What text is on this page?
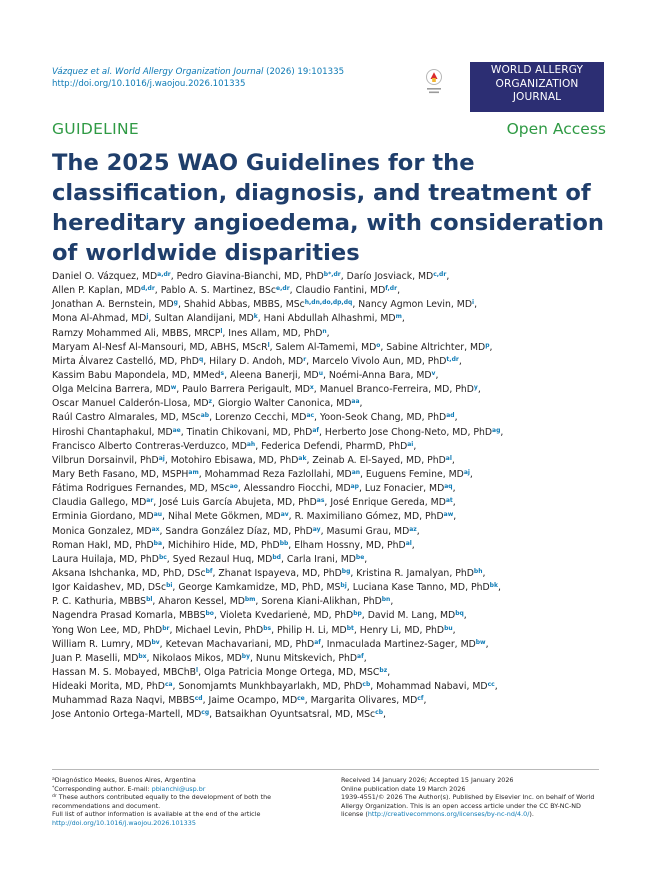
Vázquez et al. World Allergy Organization Journal (2026) 19:101335
http://doi.org/10.1016/j.waojou.2026.101335
WORLD ALLERGY
ORGANIZATION
JOURNAL
GUIDELINE	Open Access
The 2025 WAO Guidelines for the classification, diagnosis, and treatment of hereditary angioedema, with consideration of worldwide disparities
Daniel O. Vázquez, $MD^{a,dr}$, Pedro Giavina-Bianchi, MD, PhD$^{b*,dr}$, Darío Josviack, $MD^{c,dr}$,
Allen P. Kaplan, $MD^{d,dr}$, Pablo A. S. Martinez, BSc$^{e,dr}$, Claudio Fantini, $MD^{f,dr}$,
Jonathan A. Bernstein, $MD^g$, Shahid Abbas, MBBS, MSc$^{h,dn,do,dp,dq}$, Nancy Agmon Levin, $MD^i$,
Mona Al-Ahmad, $MD^j$, Sultan Alandijani, $MD^k$, Hani Abdullah Alhashmi, $MD^m$,
Ramzy Mohammed Ali, MBBS, MRCP$^l$, Ines Allam, MD, PhD$^n$,
Maryam Al-Nesf Al-Mansouri, MD, ABHS, MScR$^l$, Salem Al-Tamemi, $MD^o$, Sabine Altrichter, $MD^p$,
Mirta Álvarez Castelló, MD, PhD$^q$, Hilary D. Andoh, $MD^r$, Marcelo Vivolo Aun, MD, PhD$^{t,dr}$,
Kassim Babu Mapondela, MD, MMed$^s$, Aleena Banerji, $MD^u$, Noémi-Anna Bara, $MD^v$,
Olga Melcina Barrera, $MD^w$, Paulo Barrera Perigault, $MD^x$, Manuel Branco-Ferreira, MD, PhD$^y$,
Oscar Manuel Calderón-Llosa, $MD^z$, Giorgio Walter Canonica, $MD^{aa}$,
Raúl Castro Almarales, MD, MSc$^{ab}$, Lorenzo Cecchi, $MD^{ac}$, Yoon-Seok Chang, MD, PhD$^{ad}$,
Hiroshi Chantaphakul, $MD^{ae}$, Tinatin Chikovani, MD, PhD$^{af}$, Herberto Jose Chong-Neto, MD, PhD$^{ag}$,
Francisco Alberto Contreras-Verduzco, $MD^{ah}$, Federica Defendi, PharmD, PhD$^{ai}$,
Vilbrun Dorsainvil, PhD$^{aj}$, Motohiro Ebisawa, MD, PhD$^{ak}$, Zeinab A. El-Sayed, MD, PhD$^{al}$,
Mary Beth Fasano, MD, $MSPH^{am}$, Mohammad Reza Fazlollahi, $MD^{an}$, Euguens Femine, $MD^{aj}$,
Fátima Rodrigues Fernandes, MD, MSc$^{ao}$, Alessandro Fiocchi, $MD^{ap}$, Luz Fonacier, $MD^{aq}$,
Claudia Gallego, $MD^{ar}$, José Luis García Abujeta, MD, PhD$^{as}$, José Enrique Gereda, $MD^{at}$,
Erminia Giordano, $MD^{au}$, Nihal Mete Gökmen, $MD^{av}$, R. Maximiliano Gómez, MD, PhD$^{aw}$,
Monica Gonzalez, $MD^{ax}$, Sandra González Díaz, MD, PhD$^{ay}$, Masumi Grau, $MD^{az}$,
Roman Hakl, MD, PhD$^{ba}$, Michihiro Hide, MD, PhD$^{bb}$, Elham Hossny, MD, PhD$^{al}$,
Laura Huilaja, MD, PhD$^{bc}$, Syed Rezaul Huq, $MD^{bd}$, Carla Irani, $MD^{be}$,
Aksana Ishchanka, MD, PhD, DSc$^{bf}$, Zhanat Ispayeva, MD, PhD$^{bg}$, Kristina R. Jamalyan, PhD$^{bh}$,
Igor Kaidashev, MD, DSc$^{bi}$, George Kamkamidze, MD, PhD, $MS^{bj}$, Luciana Kase Tanno, MD, PhD$^{bk}$,
P. C. Kathuria, $MBBS^{bl}$, Aharon Kessel, $MD^{bm}$, Sorena Kiani-Alikhan, PhD$^{bn}$,
Nagendra Prasad Komarla, $MBBS^{bo}$, Violeta Kvedarienė, MD, PhD$^{bp}$, David M. Lang, $MD^{bq}$,
Yong Won Lee, MD, PhD$^{br}$, Michael Levin, PhD$^{bs}$, Philip H. Li, $MD^{bt}$, Henry Li, MD, PhD$^{bu}$,
William R. Lumry, $MD^{bv}$, Ketevan Machavariani, MD, PhD$^{af}$, Inmaculada Martinez-Sager, $MD^{bw}$,
Juan P. Maselli, $MD^{bx}$, Nikolaos Mikos, $MD^{by}$, Nunu Mitskevich, PhD$^{af}$,
Hassan M. S. Mobayed, MBChB$^l$, Olga Patricia Monge Ortega, MD, $MSC^{bz}$,
Hideaki Morita, MD, PhD$^{ca}$, Sonomjamts Munkhbayarlakh, MD, PhD$^{cb}$, Mohammad Nabavi, $MD^{cc}$,
Muhammad Raza Naqvi, $MBBS^{cd}$, Jaime Ocampo, $MD^{ce}$, Margarita Olivares, $MD^{cf}$,
Jose Antonio Ortega-Martell, $MD^{cg}$, Batsaikhan Oyuntsatsral, MD, MSc$^{cb}$,
$^a$Diagnóstico Meeks, Buenos Aires, Argentina
*Corresponding author. E-mail: pbianchi@usp.br
$^{dr}$ These authors contributed equally to the development of both the recommendations and document.
Full list of author information is available at the end of the article
http://doi.org/10.1016/j.waojou.2026.101335
Received 14 January 2026; Accepted 15 January 2026
Online publication date 19 March 2026
1939-4551/© 2026 The Author(s). Published by Elsevier Inc. on behalf of World Allergy Organization. This is an open access article under the CC BY-NC-ND license (http://creativecommons.org/licenses/by-nc-nd/4.0/).
